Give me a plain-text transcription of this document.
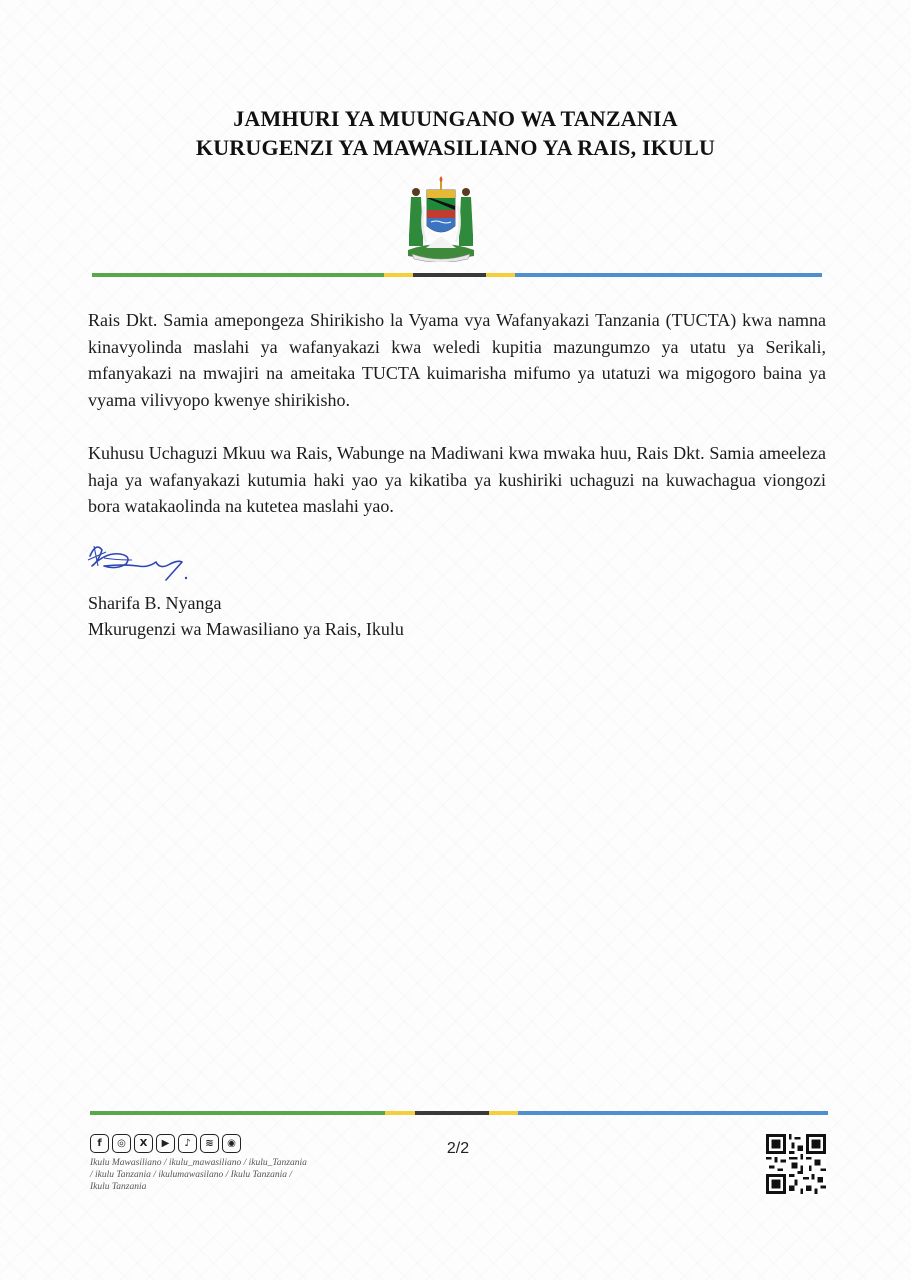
JAMHURI YA MUUNGANO WA TANZANIA
KURUGENZI YA MAWASILIANO YA RAIS, IKULU

Rais Dkt. Samia amepongeza Shirikisho la Vyama vya Wafanyakazi Tanzania (TUCTA) kwa namna kinavyolinda maslahi ya wafanyakazi kwa weledi kupitia mazungumzo ya utatu ya Serikali, mfanyakazi na mwajiri na ameitaka TUCTA kuimarisha mifumo ya utatuzi wa migogoro baina ya vyama vilivyopo kwenye shirikisho.

Kuhusu Uchaguzi Mkuu wa Rais, Wabunge na Madiwani kwa mwaka huu, Rais Dkt. Samia ameeleza haja ya wafanyakazi kutumia haki yao ya kikatiba ya kushiriki uchaguzi na kuwachagua viongozi bora watakaolinda na kutetea maslahi yao.

Sharifa B. Nyanga
Mkurugenzi wa Mawasiliano ya Rais, Ikulu
f	◎	X	▶	♪	≋	◉
Ikulu Mawasiliano / ikulu_mawasiliano / ikulu_Tanzania / ikulu Tanzania / ikulumawasilano / Ikulu Tanzania / Ikulu Tanzania
2/2
